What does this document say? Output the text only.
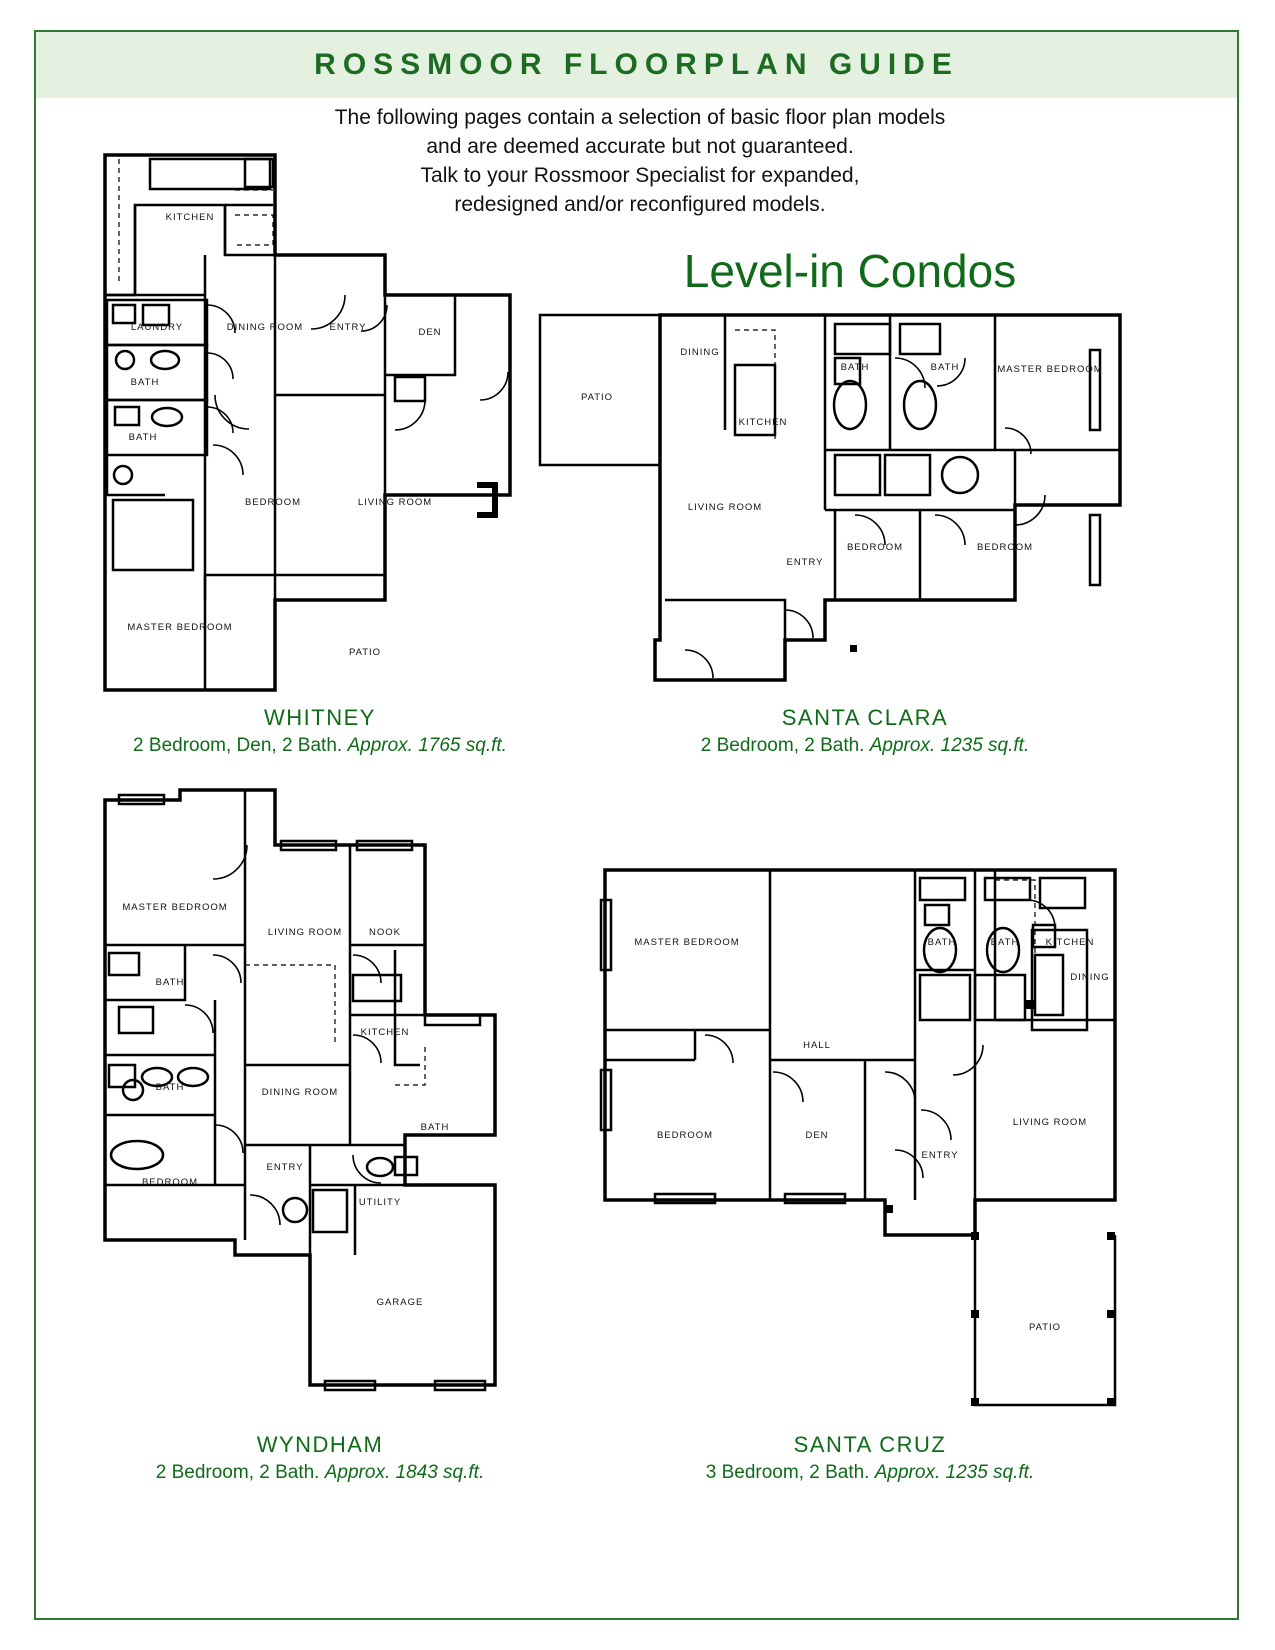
ROSSMOOR FLOORPLAN GUIDE
The following pages contain a selection of basic floor plan models
and are deemed accurate but not guaranteed.
Talk to your Rossmoor Specialist for expanded,
redesigned and/or reconfigured models.
Level-in Condos
KITCHEN
LAUNDRY
BATH
BATH
DINING ROOM	ENTRY	DEN
BEDROOM	LIVING ROOM
MASTER BEDROOM
PATIO
WHITNEY
2 Bedroom, Den, 2 Bath. Approx. 1765 sq.ft.
PATIO
DINING
KITCHEN
BATH	BATH	MASTER BEDROOM
LIVING ROOM
ENTRY
BEDROOM	BEDROOM
SANTA CLARA
2 Bedroom, 2 Bath. Approx. 1235 sq.ft.
MASTER BEDROOM
LIVING ROOM	NOOK
BATH
KITCHEN
BATH	DINING ROOM
BATH
BEDROOM
ENTRY
UTILITY
GARAGE
WYNDHAM
2 Bedroom, 2 Bath. Approx. 1843 sq.ft.
MASTER BEDROOM	BATH	BATH	KITCHEN
DINING
HALL
LIVING ROOM
BEDROOM	DEN
ENTRY
PATIO
SANTA CRUZ
3 Bedroom, 2 Bath. Approx. 1235 sq.ft.
